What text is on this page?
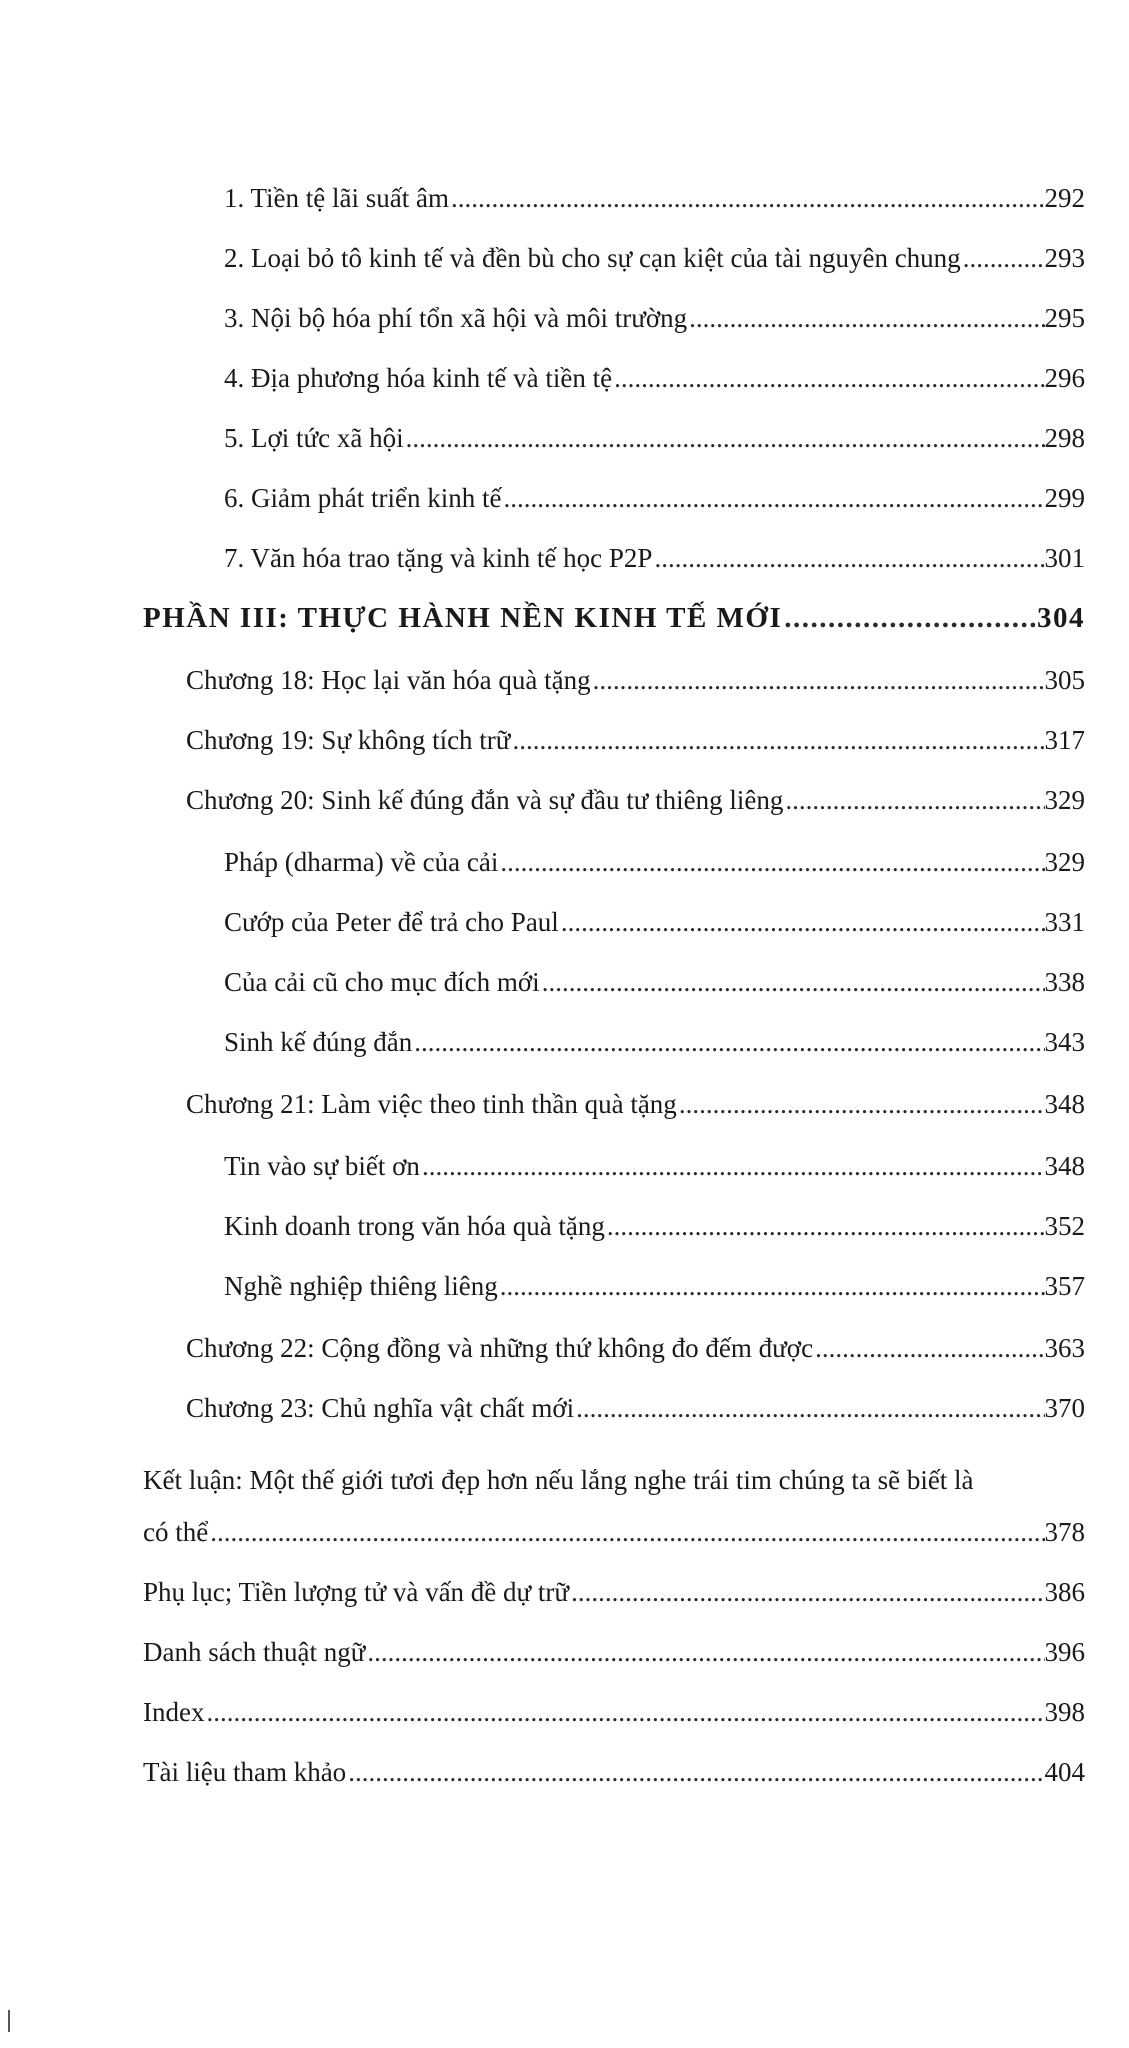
1. Tiền tệ lãi suất âm .....	292
2. Loại bỏ tô kinh tế và đền bù cho sự cạn kiệt của tài nguyên chung .....	293
3. Nội bộ hóa phí tổn xã hội và môi trường .....	295
4. Địa phương hóa kinh tế và tiền tệ .....	296
5. Lợi tức xã hội .....	298
6. Giảm phát triển kinh tế .....	299
7. Văn hóa trao tặng và kinh tế học P2P .....	301
PHẦN III: THỰC HÀNH NỀN KINH TẾ MỚI .....	304
Chương 18: Học lại văn hóa quà tặng .....	305
Chương 19: Sự không tích trữ .....	317
Chương 20: Sinh kế đúng đắn và sự đầu tư thiêng liêng .....	329
Pháp (dharma) về của cải .....	329
Cướp của Peter để trả cho Paul .....	331
Của cải cũ cho mục đích mới .....	338
Sinh kế đúng đắn .....	343
Chương 21: Làm việc theo tinh thần quà tặng .....	348
Tin vào sự biết ơn .....	348
Kinh doanh trong văn hóa quà tặng .....	352
Nghề nghiệp thiêng liêng .....	357
Chương 22: Cộng đồng và những thứ không đo đếm được .....	363
Chương 23: Chủ nghĩa vật chất mới .....	370
Kết luận: Một thế giới tươi đẹp hơn nếu lắng nghe trái tim chúng ta sẽ biết là
có thể .....	378
Phụ lục; Tiền lượng tử và vấn đề dự trữ .....	386
Danh sách thuật ngữ .....	396
Index .....	398
Tài liệu tham khảo .....	404
